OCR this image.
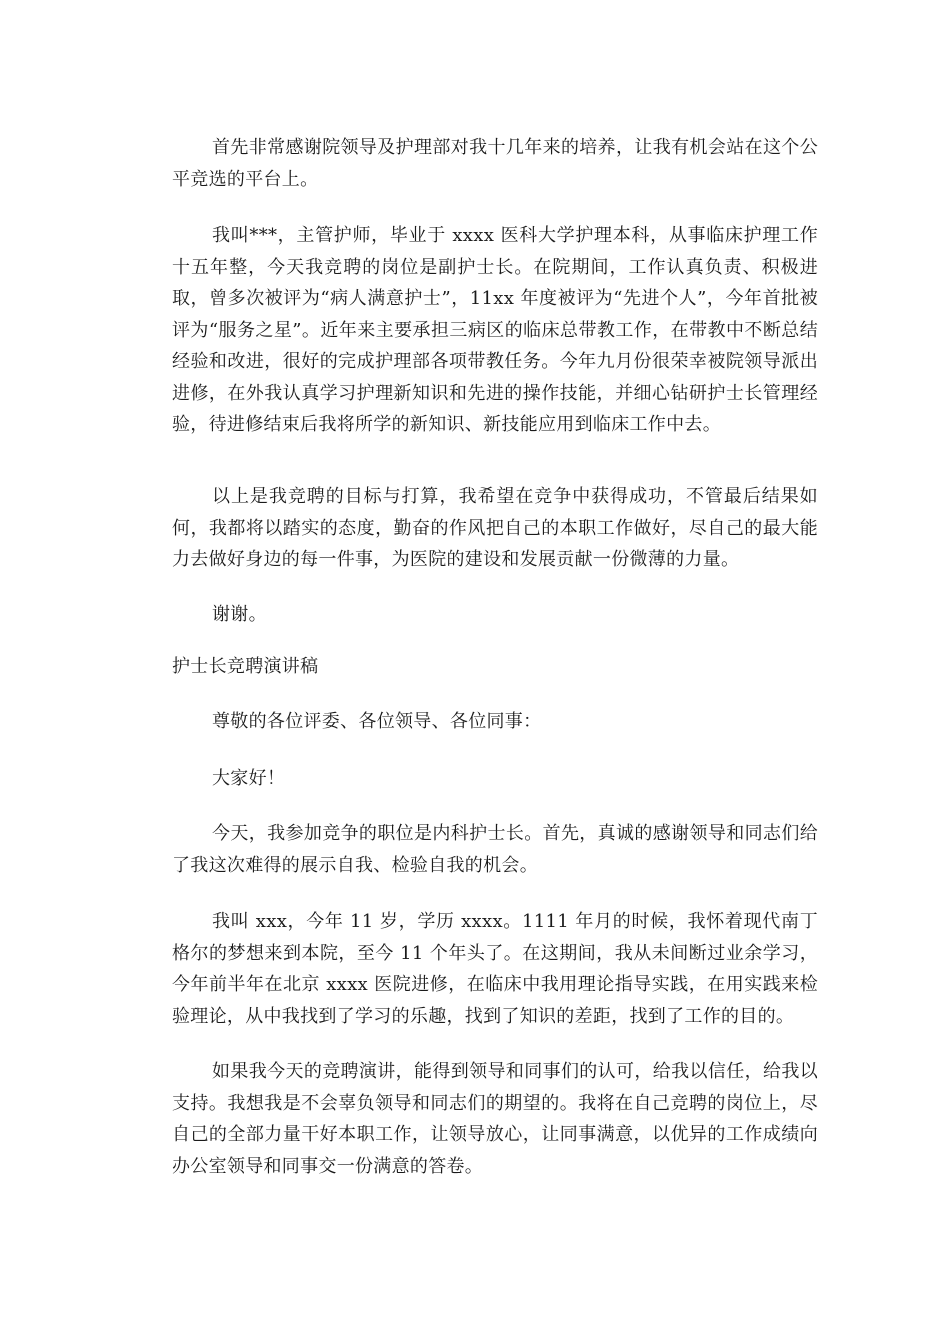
首先非常感谢院领导及护理部对我十几年来的培养，让我有机会站在这个公平竞选的平台上。

我叫***，主管护师，毕业于 xxxx 医科大学护理本科，从事临床护理工作十五年整，今天我竞聘的岗位是副护士长。在院期间，工作认真负责、积极进取，曾多次被评为“病人满意护士”，11xx 年度被评为“先进个人”，今年首批被评为“服务之星”。近年来主要承担三病区的临床总带教工作，在带教中不断总结经验和改进，很好的完成护理部各项带教任务。今年九月份很荣幸被院领导派出进修，在外我认真学习护理新知识和先进的操作技能，并细心钻研护士长管理经验，待进修结束后我将所学的新知识、新技能应用到临床工作中去。

以上是我竞聘的目标与打算，我希望在竞争中获得成功，不管最后结果如何，我都将以踏实的态度，勤奋的作风把自己的本职工作做好，尽自己的最大能力去做好身边的每一件事，为医院的建设和发展贡献一份微薄的力量。

谢谢。

护士长竞聘演讲稿

尊敬的各位评委、各位领导、各位同事：

大家好！

今天，我参加竞争的职位是内科护士长。首先，真诚的感谢领导和同志们给了我这次难得的展示自我、检验自我的机会。

我叫 xxx，今年 11 岁，学历 xxxx。1111 年月的时候，我怀着现代南丁格尔的梦想来到本院，至今 11 个年头了。在这期间，我从未间断过业余学习，今年前半年在北京 xxxx 医院进修，在临床中我用理论指导实践，在用实践来检验理论，从中我找到了学习的乐趣，找到了知识的差距，找到了工作的目的。

如果我今天的竞聘演讲，能得到领导和同事们的认可，给我以信任，给我以支持。我想我是不会辜负领导和同志们的期望的。我将在自己竞聘的岗位上，尽自己的全部力量干好本职工作，让领导放心，让同事满意，以优异的工作成绩向办公室领导和同事交一份满意的答卷。
